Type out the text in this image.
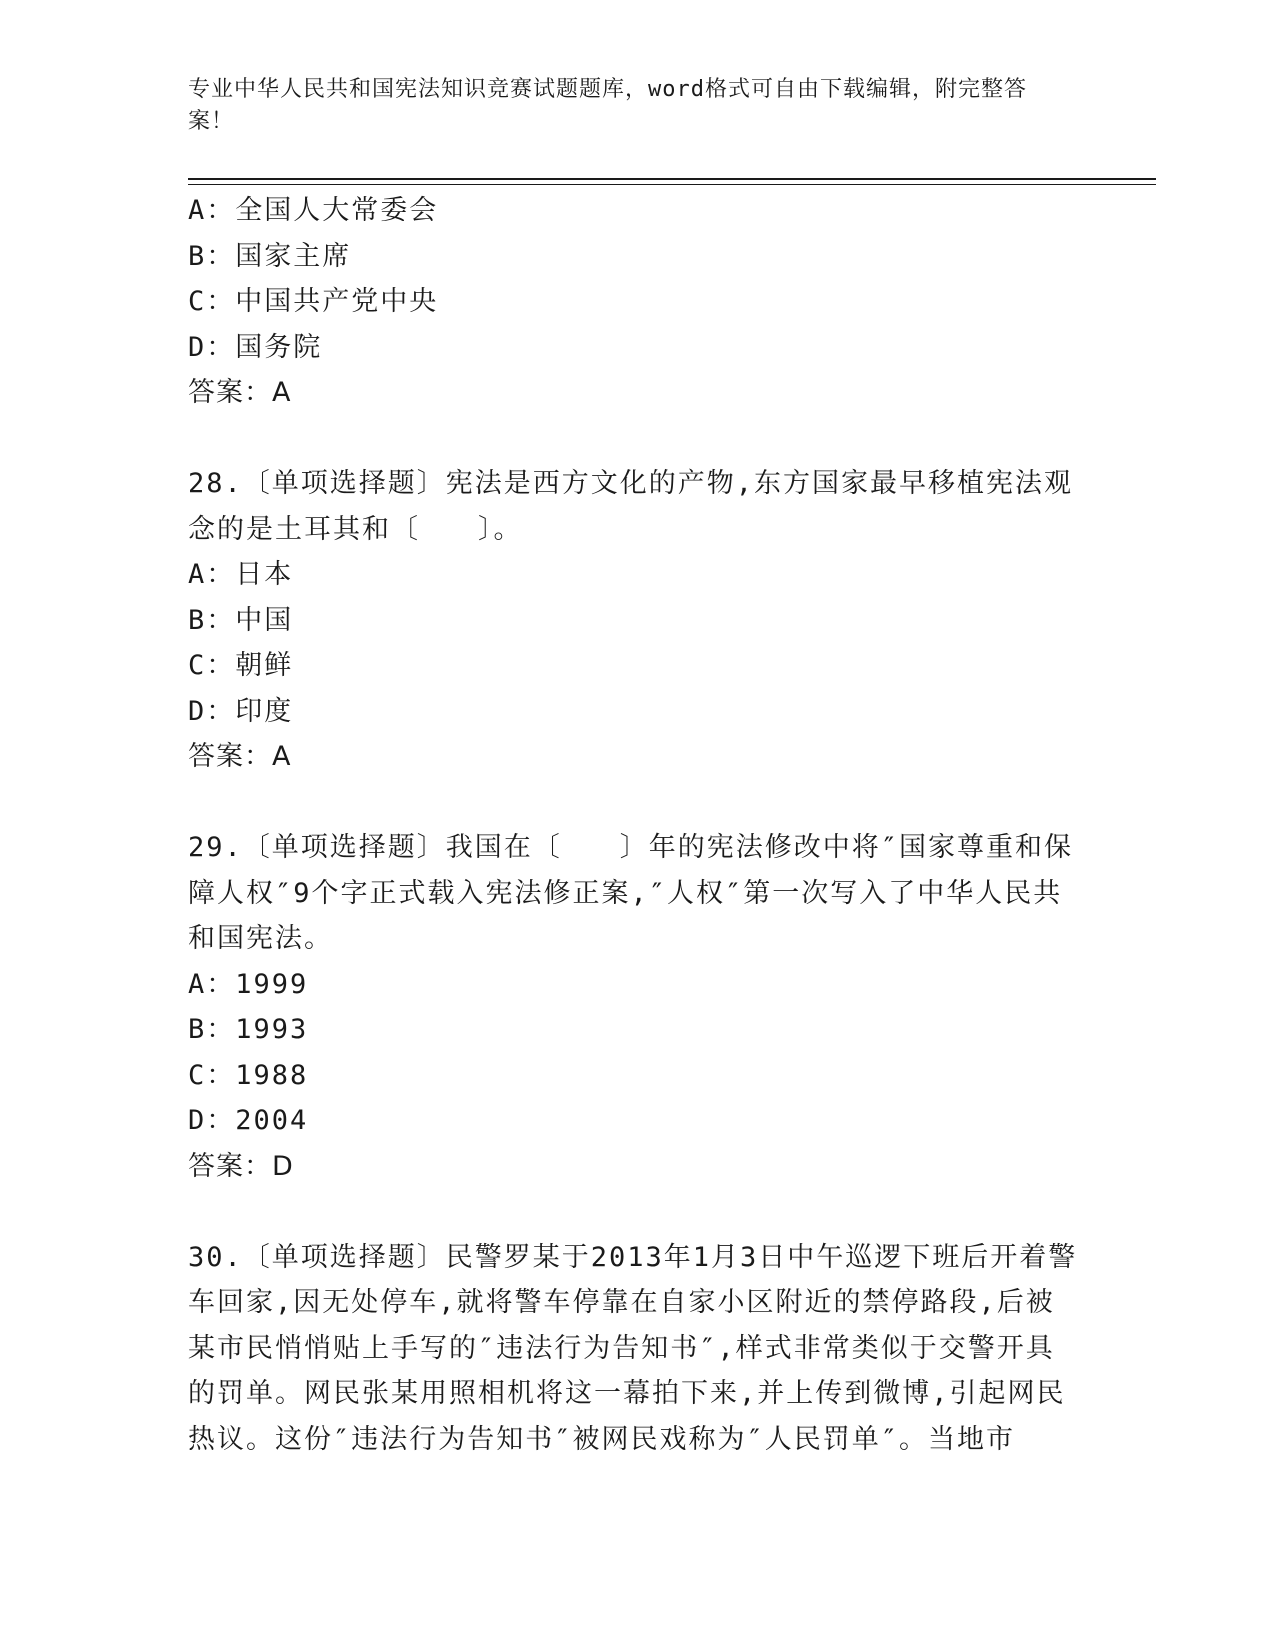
专业中华人民共和国宪法知识竞赛试题题库，word格式可自由下载编辑，附完整答案！
A：全国人大常委会
B：国家主席
C：中国共产党中央
D：国务院
答案：A
28.〔单项选择题〕宪法是西方文化的产物,东方国家最早移植宪法观念的是土耳其和〔　　〕。
A：日本
B：中国
C：朝鲜
D：印度
答案：A
29.〔单项选择题〕我国在〔　　〕年的宪法修改中将″国家尊重和保障人权″9个字正式载入宪法修正案,″人权″第一次写入了中华人民共和国宪法。
A：1999
B：1993
C：1988
D：2004
答案：D
30.〔单项选择题〕民警罗某于2013年1月3日中午巡逻下班后开着警车回家,因无处停车,就将警车停靠在自家小区附近的禁停路段,后被某市民悄悄贴上手写的″违法行为告知书″,样式非常类似于交警开具的罚单。网民张某用照相机将这一幕拍下来,并上传到微博,引起网民热议。这份″违法行为告知书″被网民戏称为″人民罚单″。当地市
